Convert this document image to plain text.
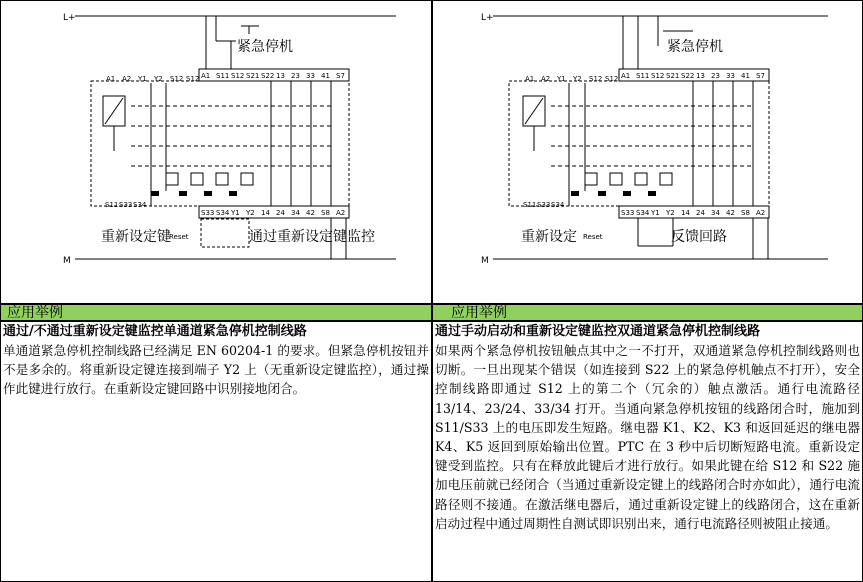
L+
M
紧急停机
A1 S11 S12 S21 S22 13 23 33 41 S7
A1 A2 Y1 Y2 S12 S12
S11 S33 S34
S33 S34 Y1 Y2 14 24 34 42 S8 A2
重新设定键
Reset	通过重新设定键监控
L+
M
紧急停机
A1 S11 S12 S21 S22 13 23 33 41 S7
A1 A2 Y1 Y2 S12 S12
S11 S33 S34
S33 S34 Y1 Y2 14 24 34 42 S8 A2
重新设定 Reset	反馈回路
应用举例	应用举例
通过/不通过重新设定键监控单通道紧急停机控制线路
单通道紧急停机控制线路已经满足 EN 60204-1 的要求。但紧急停机按钮并不是多余的。将重新设定键连接到端子 Y2 上（无重新设定键监控），通过操作此键进行放行。在重新设定键回路中识别接地闭合。
通过手动启动和重新设定键监控双通道紧急停机控制线路
如果两个紧急停机按钮触点其中之一不打开，双通道紧急停机控制线路则也切断。一旦出现某个错误（如连接到 S22 上的紧急停机触点不打开），安全控制线路即通过 S12 上的第二个（冗余的）触点激活。通行电流路径 13/14、23/24、33/34 打开。当通向紧急停机按钮的线路闭合时，施加到 S11/S33 上的电压即发生短路。继电器 K1、K2、K3 和返回延迟的继电器 K4、K5 返回到原始输出位置。PTC 在 3 秒中后切断短路电流。重新设定键受到监控。只有在释放此键后才进行放行。如果此键在给 S12 和 S22 施加电压前就已经闭合（当通过重新设定键上的线路闭合时亦如此），通行电流路径则不接通。在激活继电器后，通过重新设定键上的线路闭合，这在重新启动过程中通过周期性自测试即识别出来，通行电流路径则被阻止接通。
